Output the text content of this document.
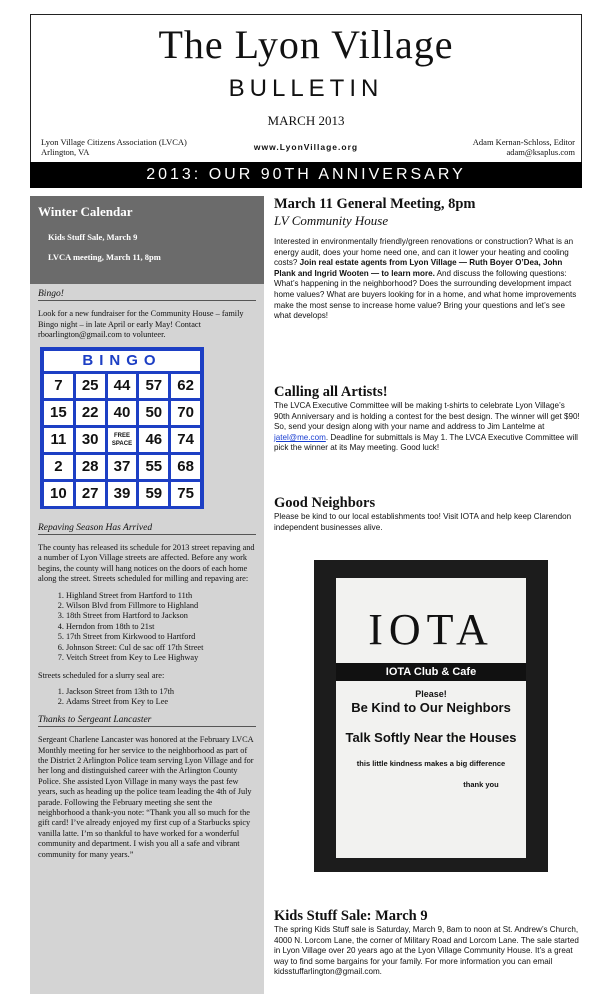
The Lyon Village
BULLETIN
MARCH 2013
Lyon Village Citizens Association (LVCA)
Arlington, VA	www.LyonVillage.org	Adam Kernan-Schloss, Editor
adam@ksaplus.com
2013: OUR 90TH ANNIVERSARY
Winter Calendar
Kids Stuff Sale, March 9
LVCA meeting, March 11, 8pm
Bingo!

Look for a new fundraiser for the Community House – family Bingo night – in late April or early May! Contact rboarlington@gmail.com to volunteer.

BINGO
7	25	44	57	62
15	22	40	50	70
11	30	FREE SPACE 46	74
2	28	37	55	68
10	27	39	59	75
Repaving Season Has Arrived

The county has released its schedule for 2013 street repaving and a number of Lyon Village streets are affected. Before any work begins, the county will hang notices on the doors of each home along the street. Streets scheduled for milling and repaving are:

1. Highland Street from Hartford to 11th
2. Wilson Blvd from Fillmore to Highland
3. 18th Street from Hartford to Jackson
4. Herndon from 18th to 21st
5. 17th Street from Kirkwood to Hartford
6. Johnson Street: Cul de sac off 17th Street
7. Veitch Street from Key to Lee Highway

Streets scheduled for a slurry seal are:

1. Jackson Street from 13th to 17th
2. Adams Street from Key to Lee
Thanks to Sergeant Lancaster

Sergeant Charlene Lancaster was honored at the February LVCA Monthly meeting for her service to the neighborhood as part of the District 2 Arlington Police team serving Lyon Village and for her long and distinguished career with the Arlington County Police. She assisted Lyon Village in many ways the past few years, such as heading up the police team leading the 4th of July parade. Following the February meeting she sent the neighborhood a thank-you note: “Thank you all so much for the gift card! I’ve already enjoyed my first cup of a Starbucks spicy vanilla latte. I’m so thankful to have worked for a wonderful community and department. I wish you all a safe and vibrant community for many years.”

March 11 General Meeting, 8pm
LV Community House

Interested in environmentally friendly/green renovations or construction? What is an energy audit, does your home need one, and can it lower your heating and cooling costs? Join real estate agents from Lyon Village — Ruth Boyer O’Dea, John Plank and Ingrid Wooten — to learn more. And discuss the following questions: What’s happening in the neighborhood? Does the surrounding development impact home values? What are buyers looking for in a home, and what home improvements make the most sense to increase home value? Bring your questions and let’s see what develops!

Calling all Artists!

The LVCA Executive Committee will be making t-shirts to celebrate Lyon Village’s 90th Anniversary and is holding a contest for the best design. The winner will get $90! So, send your design along with your name and address to Jim Lantelme at jatel@me.com. Deadline for submittals is May 1. The LVCA Executive Committee will pick the winner at its May meeting. Good luck!

Good Neighbors

Please be kind to our local establishments too! Visit IOTA and help keep Clarendon independent businesses alive.

IOTA
IOTA Club & Cafe
Please!
Be Kind to Our Neighbors
Talk Softly Near the Houses
this little kindness makes a big difference
thank you
Kids Stuff Sale: March 9

The spring Kids Stuff sale is Saturday, March 9, 8am to noon at St. Andrew’s Church, 4000 N. Lorcom Lane, the corner of Military Road and Lorcom Lane. The sale started in Lyon Village over 20 years ago at the Lyon Village Community House. It’s a great way to find some bargains for your family. For more information you can email kidsstuffarlington@gmail.com.
